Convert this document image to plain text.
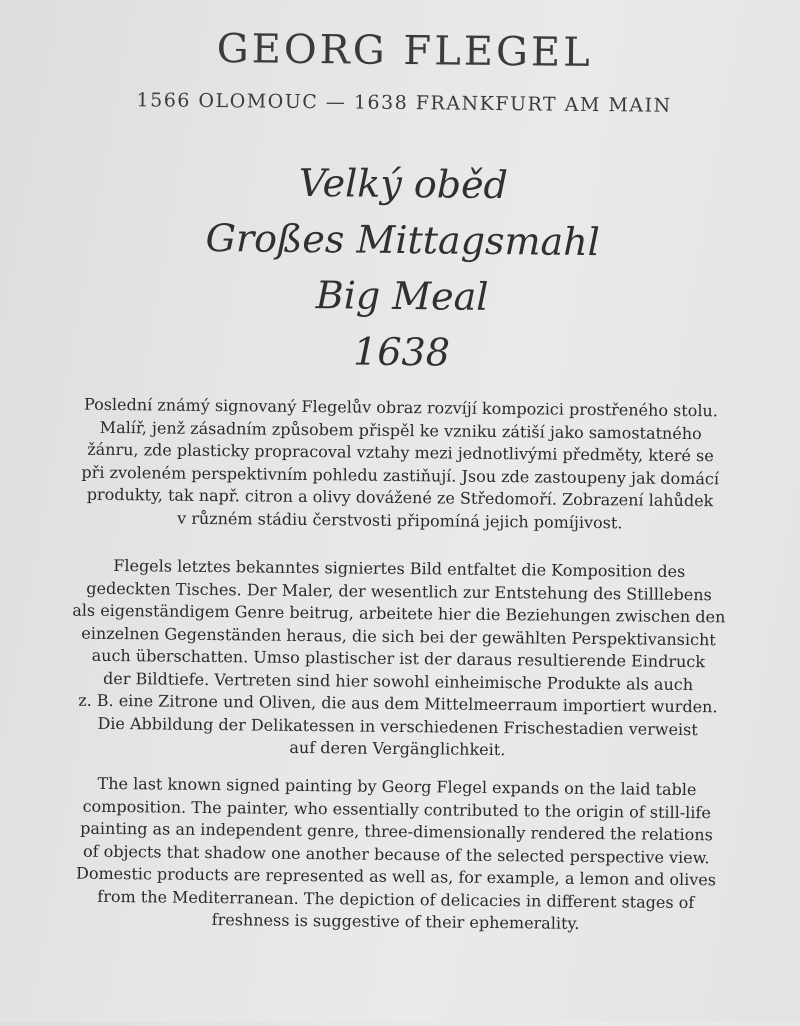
GEORG FLEGEL
1566 OLOMOUC — 1638 FRANKFURT AM MAIN
Velký oběd
Großes Mittagsmahl
Big Meal
1638
Poslední známý signovaný Flegelův obraz rozvíjí kompozici prostřeného stolu.
Malíř, jenž zásadním způsobem přispěl ke vzniku zátiší jako samostatného
žánru, zde plasticky propracoval vztahy mezi jednotlivými předměty, které se
při zvoleném perspektivním pohledu zastiňují. Jsou zde zastoupeny jak domácí
produkty, tak např. citron a olivy dovážené ze Středomoří. Zobrazení lahůdek
v různém stádiu čerstvosti připomíná jejich pomíjivost.
Flegels letztes bekanntes signiertes Bild entfaltet die Komposition des
gedeckten Tisches. Der Maler, der wesentlich zur Entstehung des Stilllebens
als eigenständigem Genre beitrug, arbeitete hier die Beziehungen zwischen den
einzelnen Gegenständen heraus, die sich bei der gewählten Perspektivansicht
auch überschatten. Umso plastischer ist der daraus resultierende Eindruck
der Bildtiefe. Vertreten sind hier sowohl einheimische Produkte als auch
z. B. eine Zitrone und Oliven, die aus dem Mittelmeerraum importiert wurden.
Die Abbildung der Delikatessen in verschiedenen Frischestadien verweist
auf deren Vergänglichkeit.
The last known signed painting by Georg Flegel expands on the laid table
composition. The painter, who essentially contributed to the origin of still-life
painting as an independent genre, three-dimensionally rendered the relations
of objects that shadow one another because of the selected perspective view.
Domestic products are represented as well as, for example, a lemon and olives
from the Mediterranean. The depiction of delicacies in different stages of
freshness is suggestive of their ephemerality.
